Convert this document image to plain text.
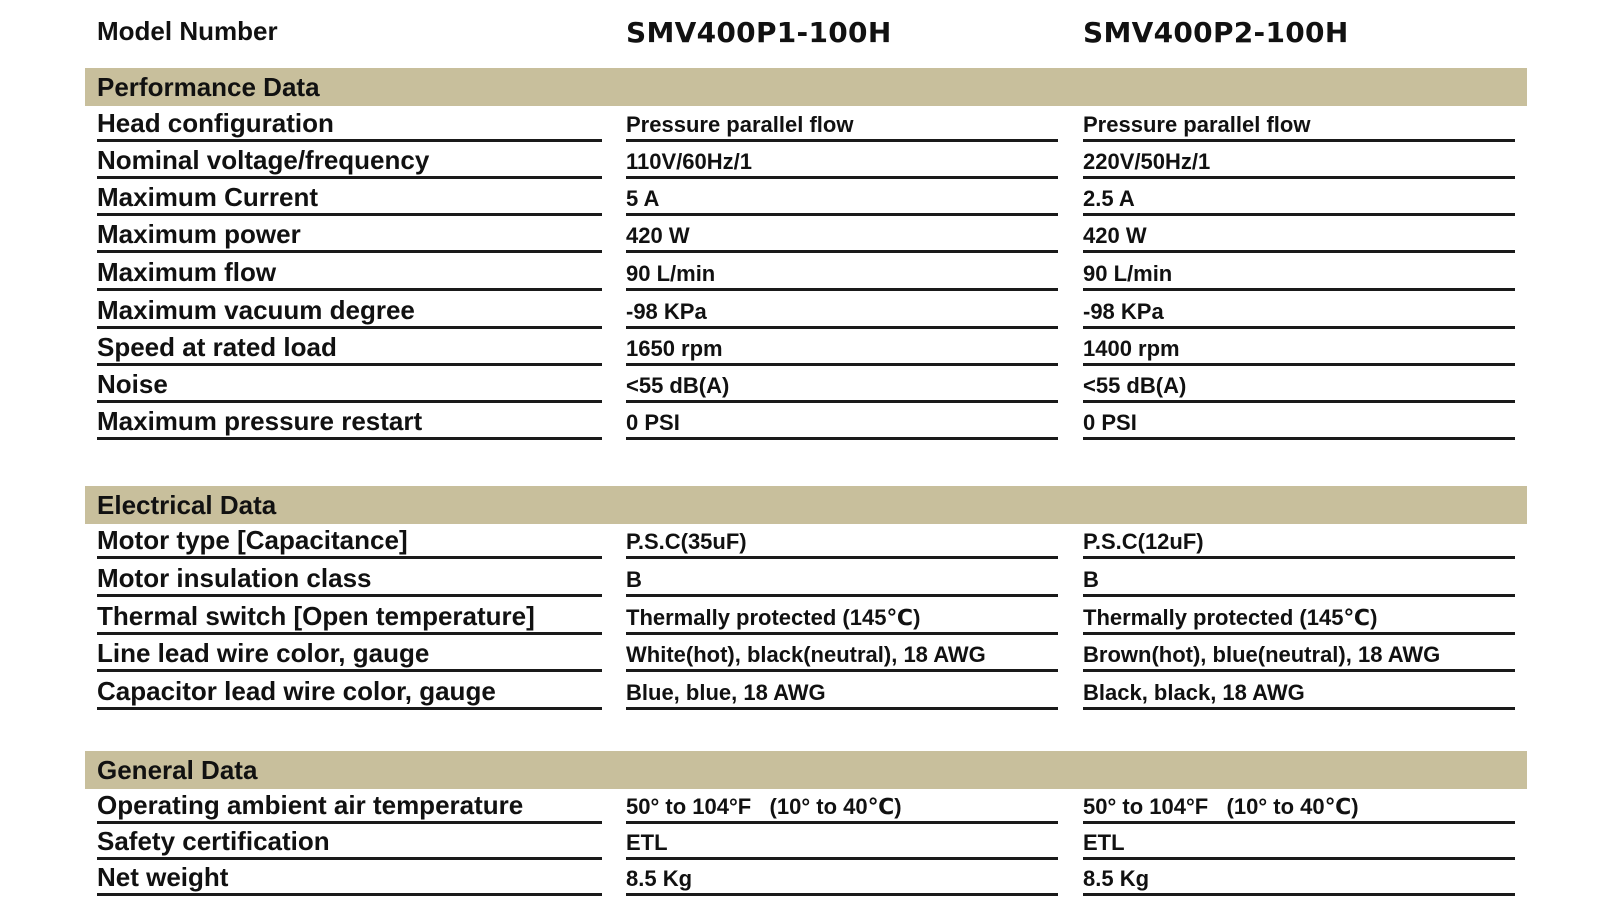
Model Number	SMV400P1-100H	SMV400P2-100H
Performance Data
Head configuration	Pressure parallel flow	Pressure parallel flow
Nominal voltage/frequency	110V/60Hz/1	220V/50Hz/1
Maximum Current	5 A	2.5 A
Maximum power	420 W	420 W
Maximum flow	90 L/min	90 L/min
Maximum vacuum degree	-98 KPa	-98 KPa
Speed at rated load	1650 rpm	1400 rpm
Noise	<55 dB(A)	<55 dB(A)
Maximum pressure restart	0 PSI	0 PSI
Electrical Data
Motor type [Capacitance]	P.S.C(35uF)	P.S.C(12uF)
Motor insulation class	B	B
Thermal switch [Open temperature]	Thermally protected (145℃)	Thermally protected (145℃)
Line lead wire color, gauge	White(hot), black(neutral), 18 AWG	Brown(hot), blue(neutral), 18 AWG
Capacitor lead wire color, gauge	Blue, blue, 18 AWG	Black, black, 18 AWG
General Data
Operating ambient air temperature	50° to 104°F   (10° to 40℃)	50° to 104°F   (10° to 40℃)
Safety certification	ETL	ETL
Net weight	8.5 Kg	8.5 Kg
